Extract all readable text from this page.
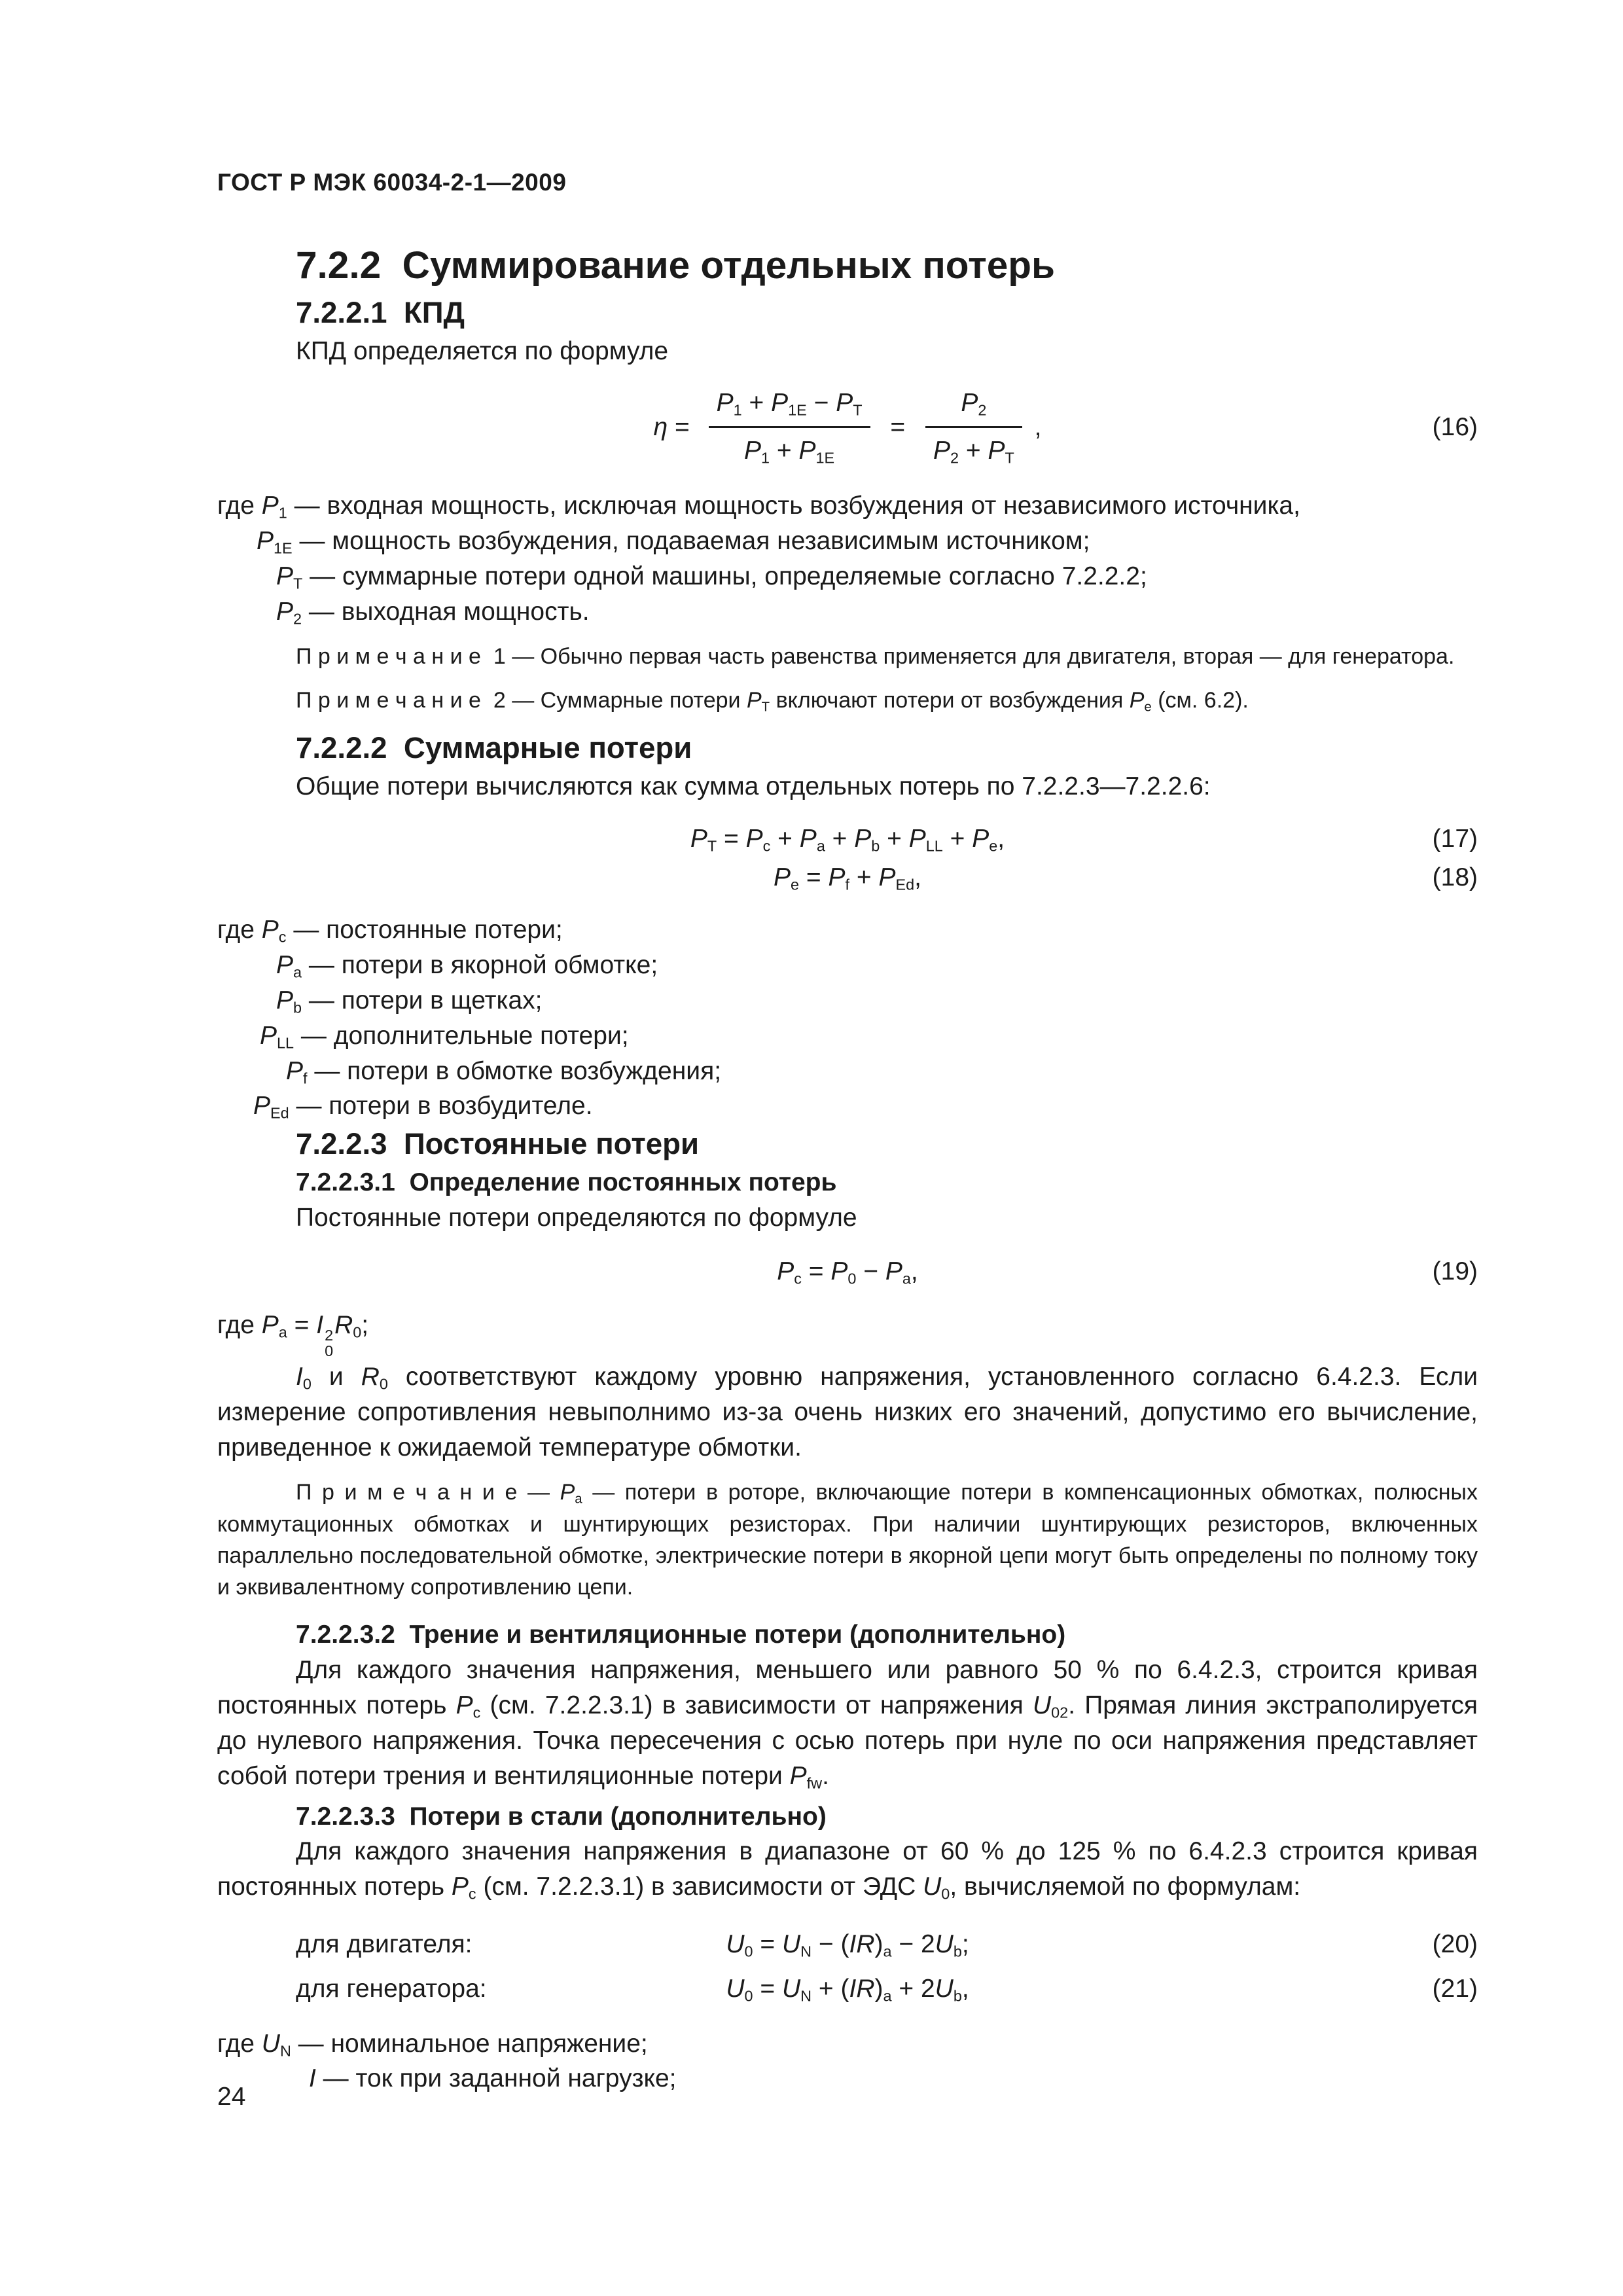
ГОСТ Р МЭК 60034-2-1—2009
7.2.2  Суммирование отдельных потерь
7.2.2.1  КПД

КПД определяется по формуле

$\eta = \frac{P_1 + P_{1E} - P_T}{P_1 + P_{1E}} = \frac{P_2}{P_2 + P_T}$ ,	(16)

где $P_1$ — входная мощность, исключая мощность возбуждения от независимого источника,

$P_{1E}$ — мощность возбуждения, подаваемая независимым источником;

$P_T$ — суммарные потери одной машины, определяемые согласно 7.2.2.2;

$P_2$ — выходная мощность.

П р и м е ч а н и е  1 — Обычно первая часть равенства применяется для двигателя, вторая — для генератора.

П р и м е ч а н и е  2 — Суммарные потери $P_T$ включают потери от возбуждения $P_e$ (см. 6.2).

7.2.2.2  Суммарные потери

Общие потери вычисляются как сумма отдельных потерь по 7.2.2.3—7.2.2.6:

$P_T = P_c + P_a + P_b + P_{LL} + P_e$,	(17)
$P_e = P_f + P_{Ed}$,	(18)

где $P_c$ — постоянные потери;

$P_a$ — потери в якорной обмотке;

$P_b$ — потери в щетках;

$P_{LL}$ — дополнительные потери;

$P_f$ — потери в обмотке возбуждения;

$P_{Ed}$ — потери в возбудителе.

7.2.2.3  Постоянные потери
7.2.2.3.1  Определение постоянных потерь

Постоянные потери определяются по формуле

$P_c = P_0 - P_a$,	(19)

где $P_a = I$ 2
0
$R_0$;

$I_0$ и $R_0$ соответствуют каждому уровню напряжения, установленного согласно 6.4.2.3. Если измерение сопротивления невыполнимо из-за очень низких его значений, допустимо его вычисление, приведенное к ожидаемой температуре обмотки.

П р и м е ч а н и е — $P_a$ — потери в роторе, включающие потери в компенсационных обмотках, полюсных коммутационных обмотках и шунтирующих резисторах. При наличии шунтирующих резисторов, включенных параллельно последовательной обмотке, электрические потери в якорной цепи могут быть определены по полному току и эквивалентному сопротивлению цепи.

7.2.2.3.2  Трение и вентиляционные потери (дополнительно)

Для каждого значения напряжения, меньшего или равного 50 % по 6.4.2.3, строится кривая постоянных потерь $P_c$ (см. 7.2.2.3.1) в зависимости от напряжения $U_{02}$. Прямая линия экстраполируется до нулевого напряжения. Точка пересечения с осью потерь при нуле по оси напряжения представляет собой потери трения и вентиляционные потери $P_{fw}$.

7.2.2.3.3  Потери в стали (дополнительно)

Для каждого значения напряжения в диапазоне от 60 % до 125 % по 6.4.2.3 строится кривая постоянных потерь $P_c$ (см. 7.2.2.3.1) в зависимости от ЭДС $U_0$, вычисляемой по формулам:

для двигателя:	$U_0 = U_N - (IR)_a - 2U_b$;	(20)
для генератора:	$U_0 = U_N + (IR)_a + 2U_b$,	(21)

где $U_N$ — номинальное напряжение;

I — ток при заданной нагрузке;

24
